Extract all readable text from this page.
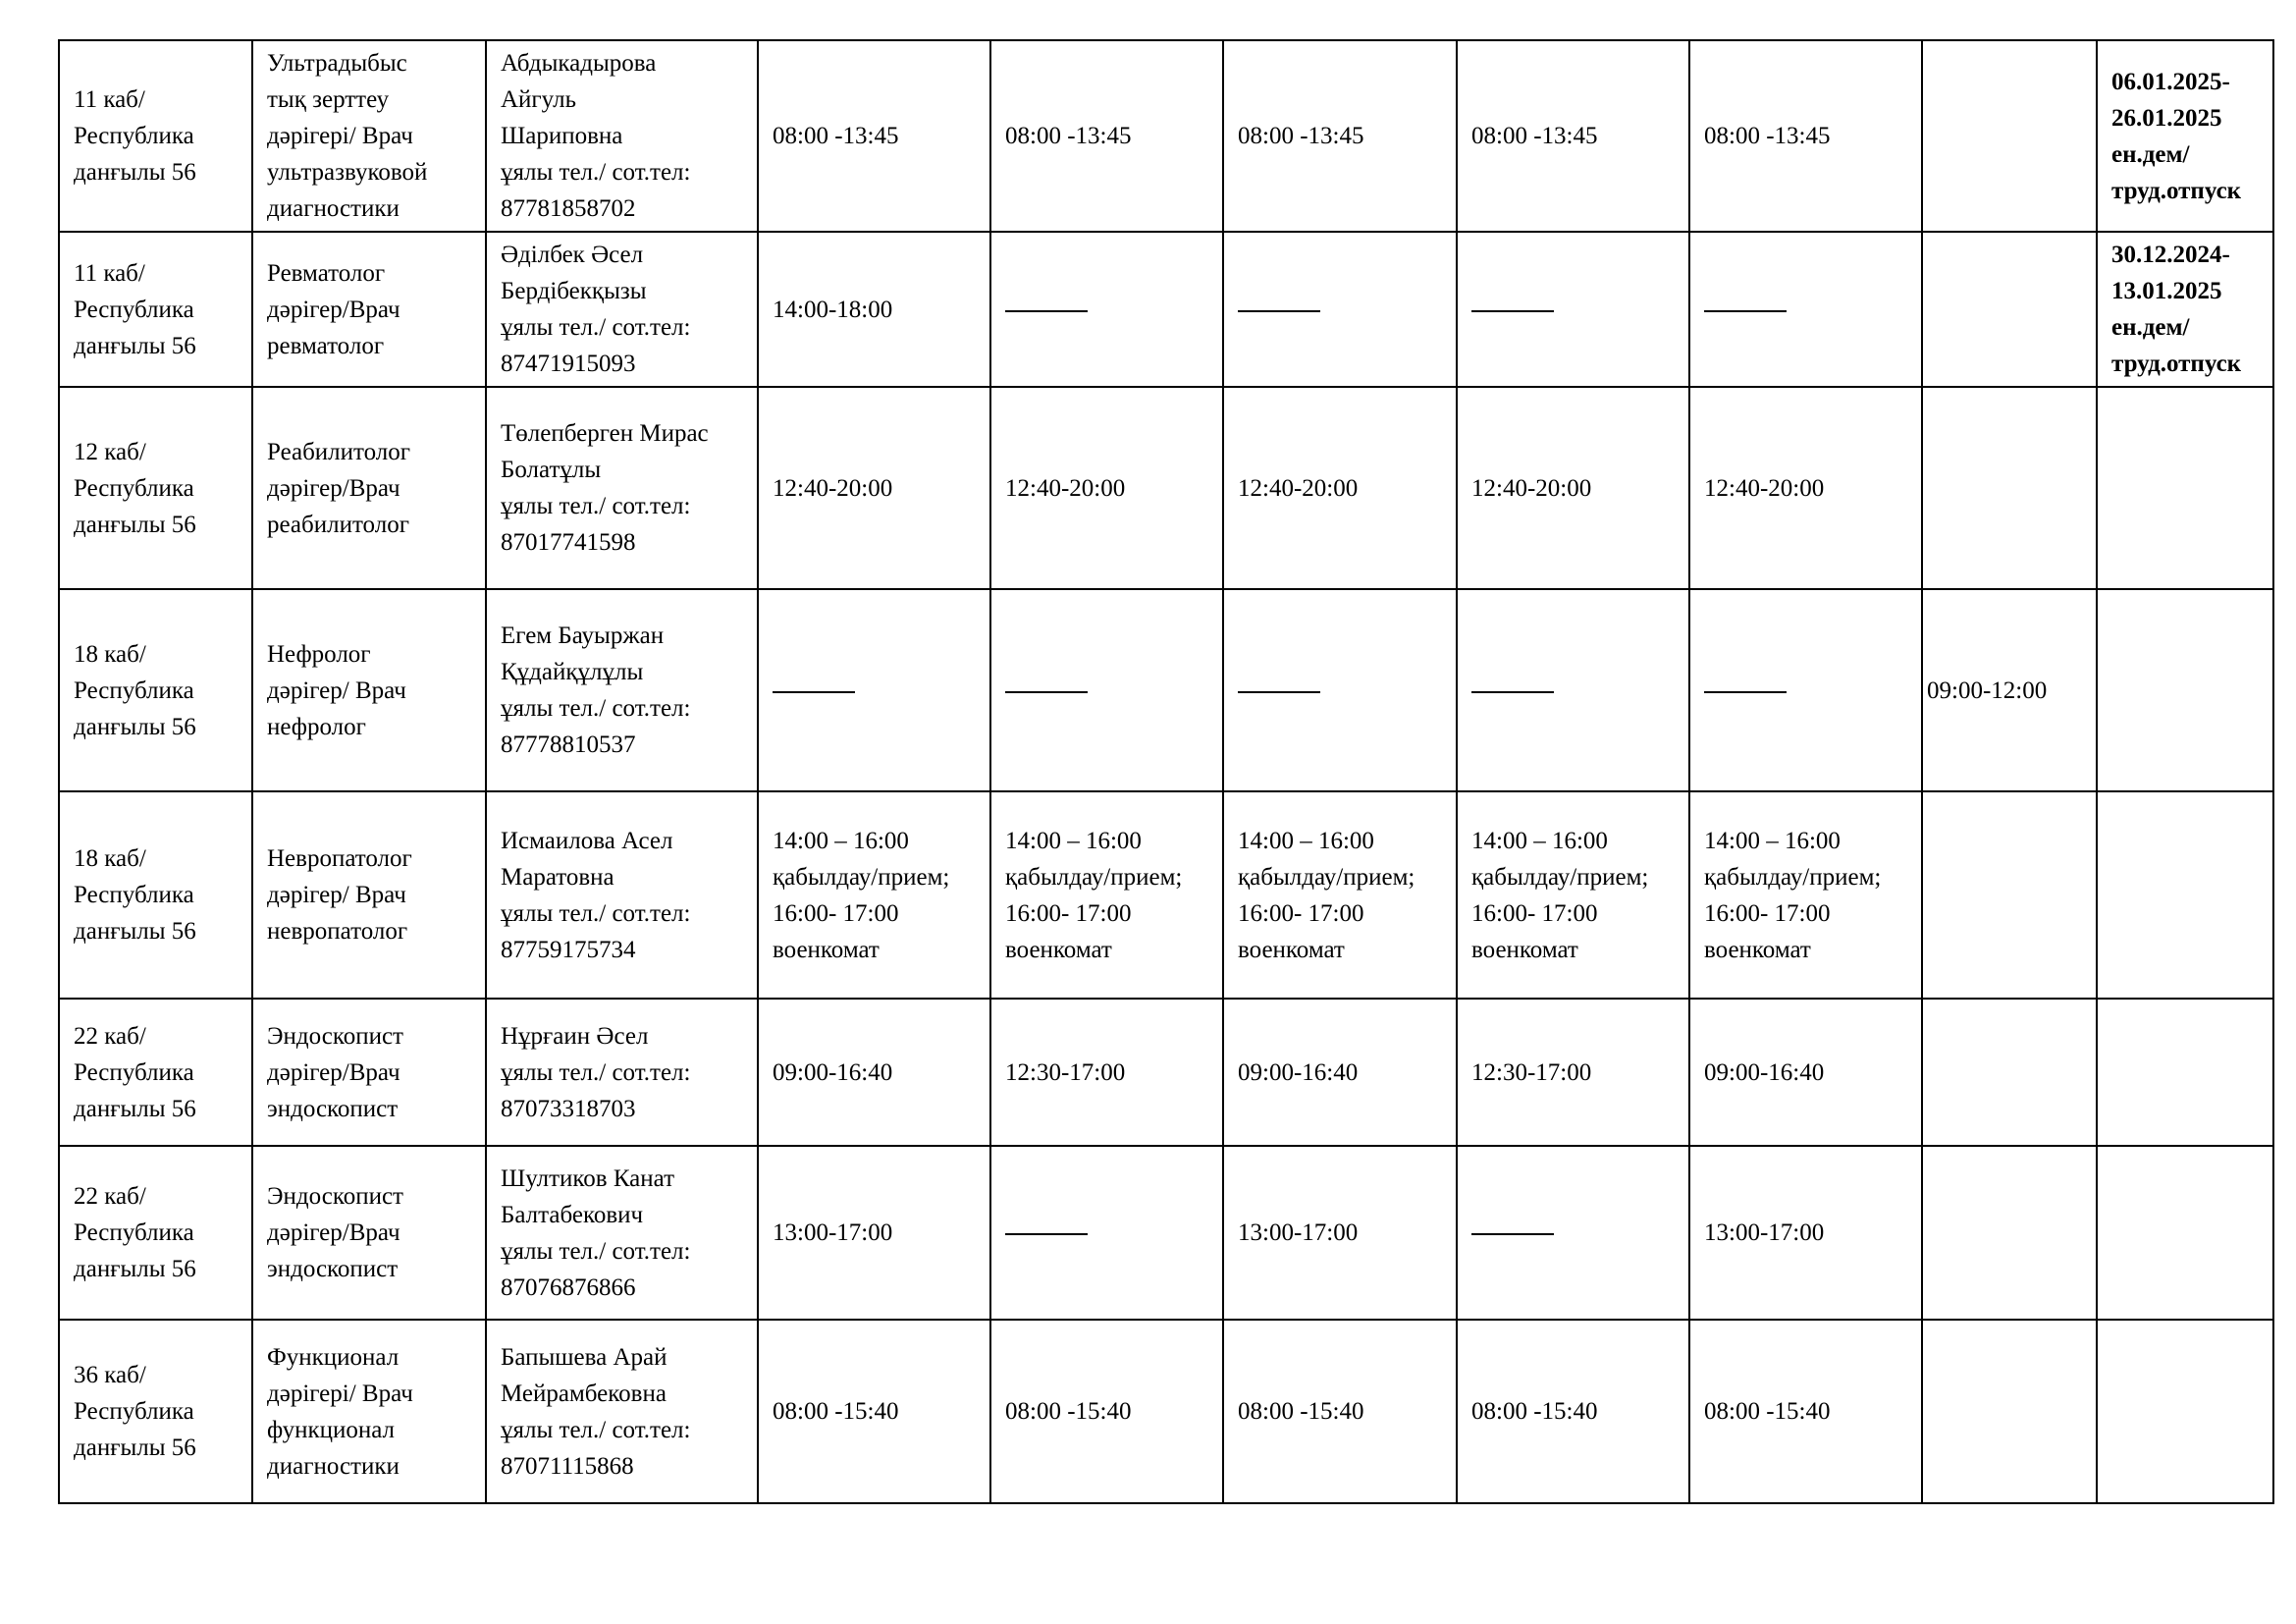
11 каб/
Республика
данғылы 56	Ультрадыбыс
тық зерттеу
дәрігері/ Врач
ультразвуковой
диагностики	Абдыкадырова
Айгуль
Шариповна
ұялы тел./ сот.тел:
87781858702	08:00 -13:45	08:00 -13:45	08:00 -13:45	08:00 -13:45	08:00 -13:45		06.01.2025-
26.01.2025
ен.дем/
труд.отпуск

11 каб/
Республика
данғылы 56	Ревматолог
дәрігер/Врач
ревматолог	Әділбек Әсел
Бердібекқызы
ұялы тел./ сот.тел:
87471915093	14:00-18:00						30.12.2024-
13.01.2025
ен.дем/
труд.отпуск

12 каб/
Республика
данғылы 56	Реабилитолог
дәрігер/Врач
реабилитолог	Төлепберген Мирас
Болатұлы
ұялы тел./ сот.тел:
87017741598	12:40-20:00	12:40-20:00	12:40-20:00	12:40-20:00	12:40-20:00		

18 каб/
Республика
данғылы 56	Нефролог
дәрігер/ Врач
нефролог	Егем Бауыржан
Құдайқұлұлы
ұялы тел./ сот.тел:
87778810537						09:00-12:00	

18 каб/
Республика
данғылы 56	Невропатолог
дәрігер/ Врач
невропатолог	Исмаилова Асел
Маратовна
ұялы тел./ сот.тел:
87759175734	14:00 – 16:00
қабылдау/прием;
16:00- 17:00
военкомат	14:00 – 16:00
қабылдау/прием;
16:00- 17:00
военкомат	14:00 – 16:00
қабылдау/прием;
16:00- 17:00
военкомат	14:00 – 16:00
қабылдау/прием;
16:00- 17:00
военкомат	14:00 – 16:00
қабылдау/прием;
16:00- 17:00
военкомат		

22 каб/
Республика
данғылы 56	Эндоскопист
дәрігер/Врач
эндоскопист	Нұрғаин Әсел
ұялы тел./ сот.тел:
87073318703	09:00-16:40	12:30-17:00	09:00-16:40	12:30-17:00	09:00-16:40		

22 каб/
Республика
данғылы 56	Эндоскопист
дәрігер/Врач
эндоскопист	Шултиков Канат
Балтабекович
ұялы тел./ сот.тел:
87076876866	13:00-17:00		13:00-17:00		13:00-17:00		

36 каб/
Республика
данғылы 56	Функционал
дәрігері/ Врач
функционал
диагностики	Бапышева Арай
Мейрамбековна
ұялы тел./ сот.тел:
87071115868	08:00 -15:40	08:00 -15:40	08:00 -15:40	08:00 -15:40	08:00 -15:40		
